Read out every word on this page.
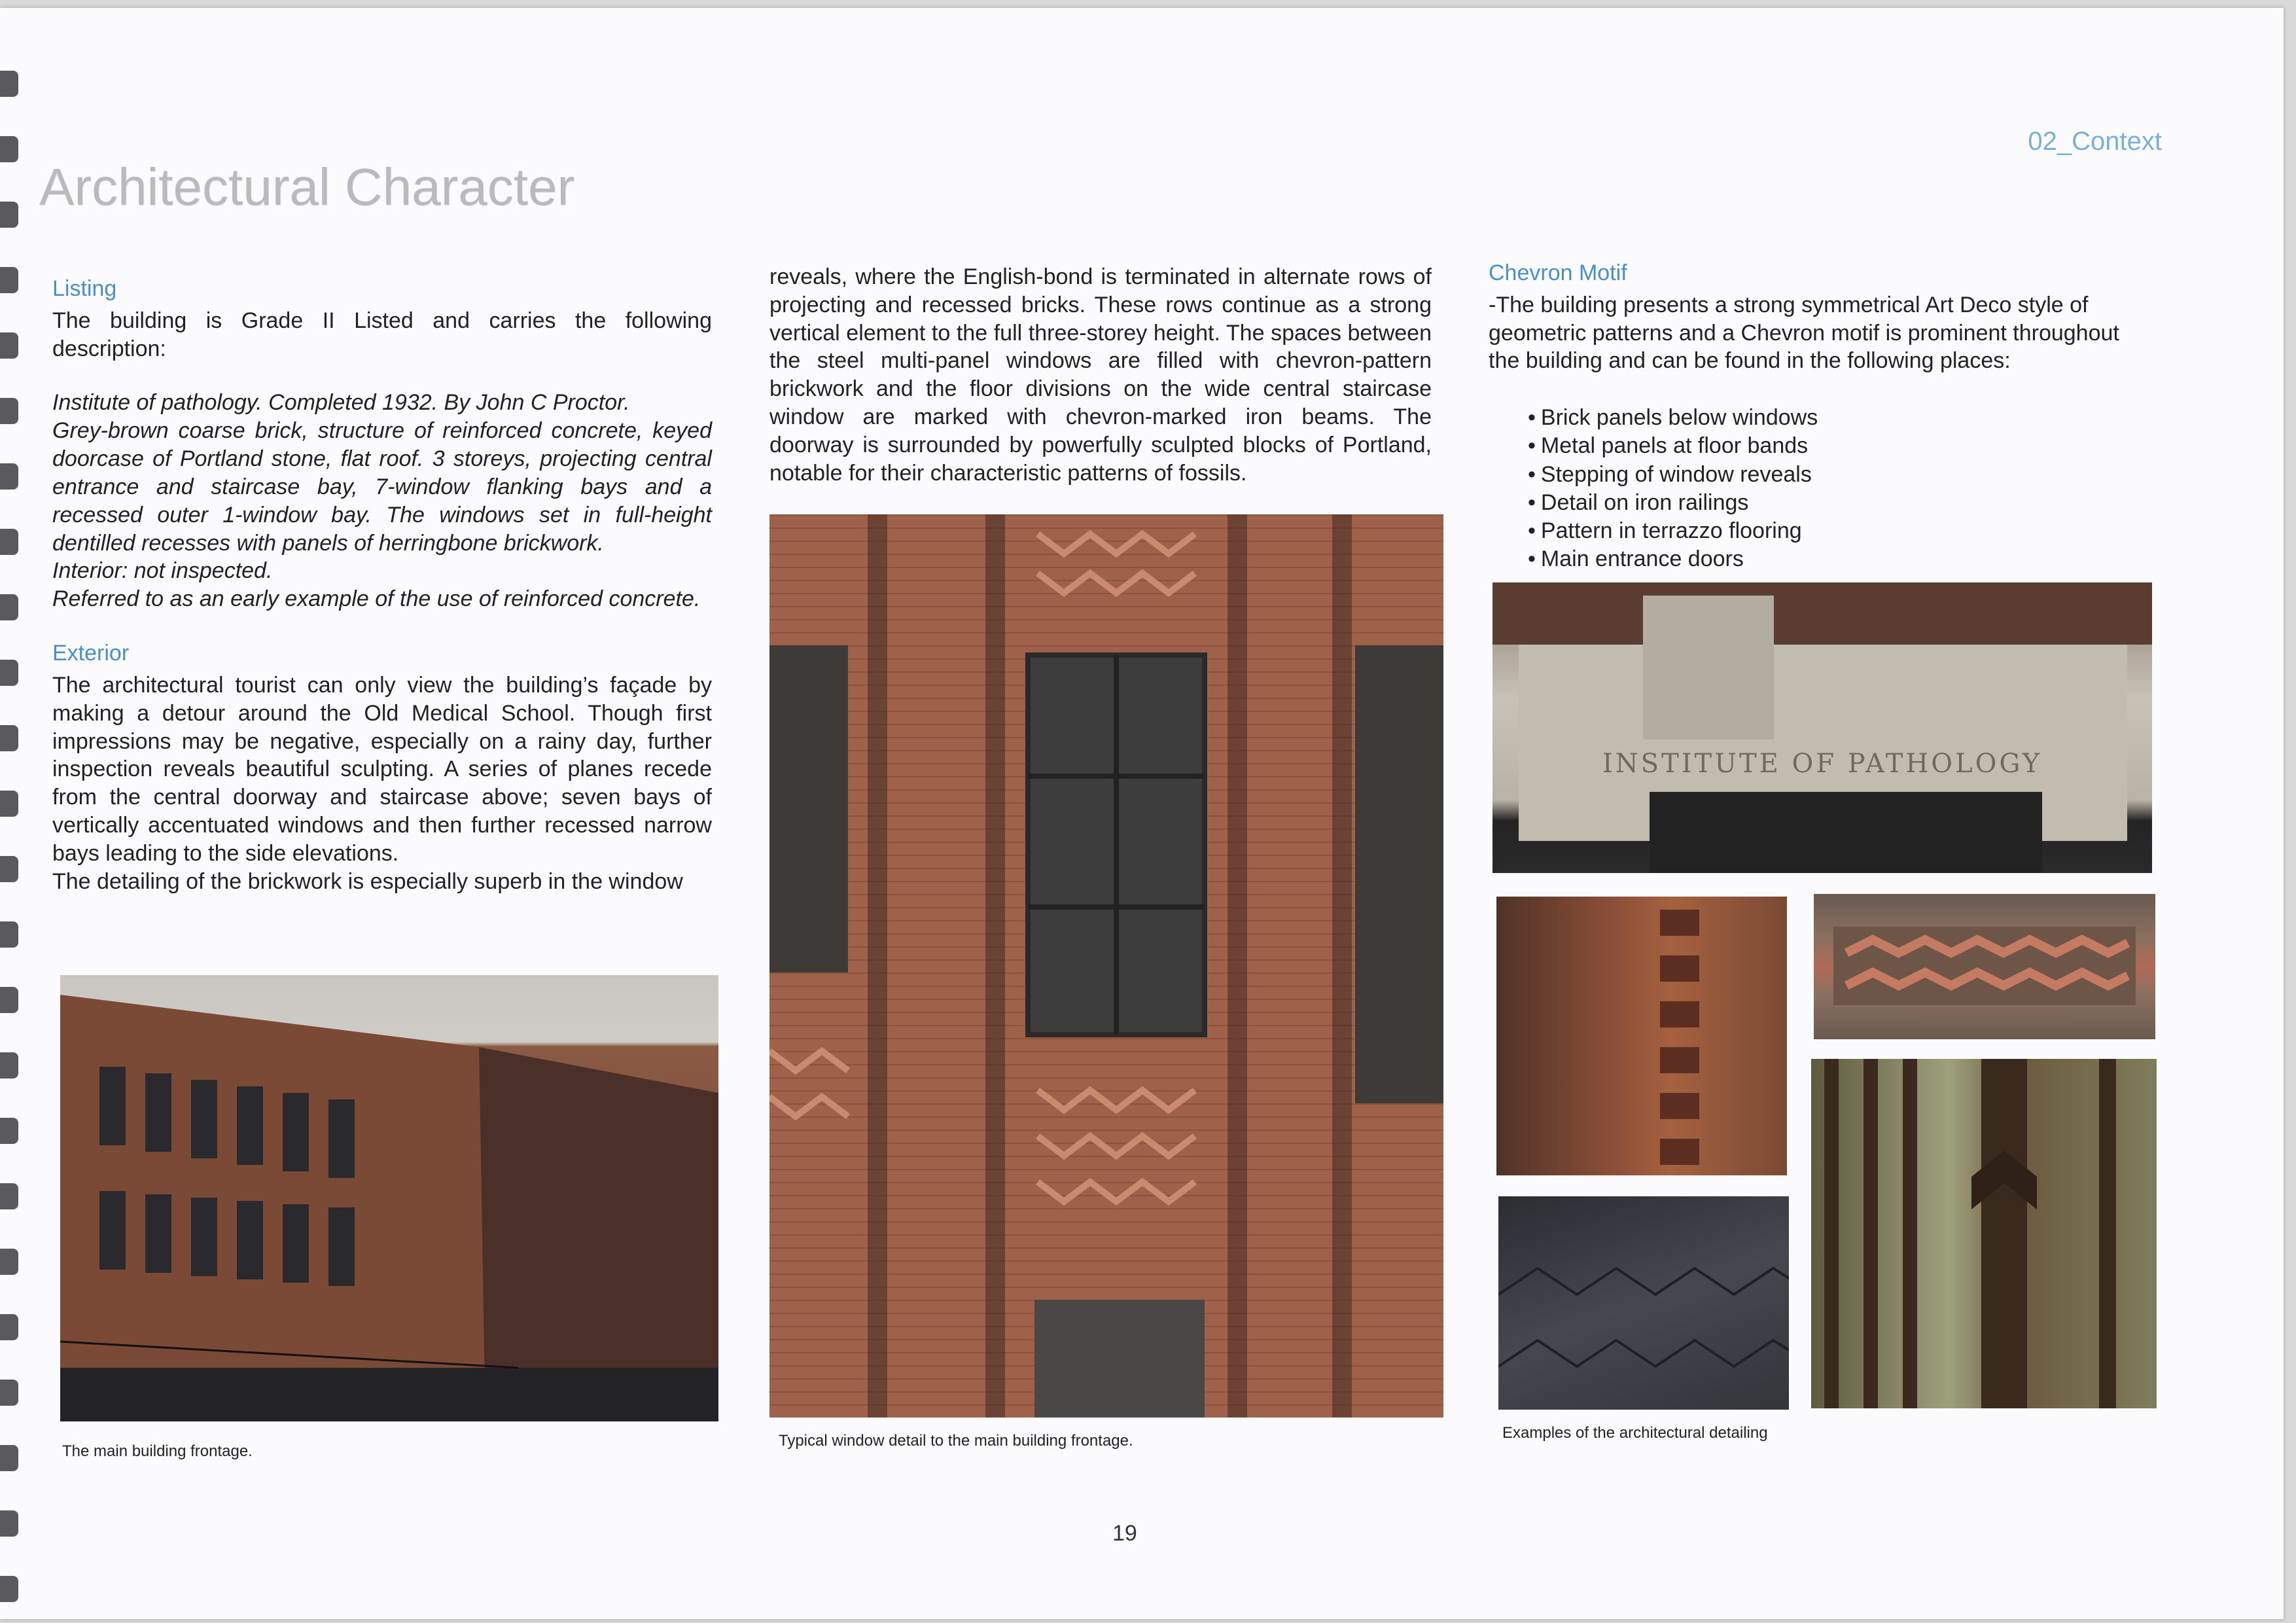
02_Context
Architectural Character
Listing

The building is Grade II Listed and carries the following description:

Institute of pathology. Completed 1932. By John C Proctor.

Grey-brown coarse brick, structure of reinforced concrete, keyed doorcase of Portland stone, flat roof. 3 storeys, projecting central entrance and staircase bay, 7-window flanking bays and a recessed outer 1-window bay. The windows set in full-height dentilled recesses with panels of herringbone brickwork.

Interior: not inspected.

Referred to as an early example of the use of reinforced concrete.

Exterior

The architectural tourist can only view the building’s façade by making a detour around the Old Medical School. Though first impressions may be negative, especially on a rainy day, further inspection reveals beautiful sculpting. A series of planes recede from the central doorway and staircase above; seven bays of vertically accentuated windows and then further recessed narrow bays leading to the side elevations.

The detailing of the brickwork is especially superb in the window

reveals, where the English-bond is terminated in alternate rows of projecting and recessed bricks. These rows continue as a strong vertical element to the full three-storey height. The spaces between the steel multi-panel windows are filled with chevron-pattern brickwork and the floor divisions on the wide central staircase window are marked with chevron-marked iron beams. The doorway is surrounded by powerfully sculpted blocks of Portland, notable for their characteristic patterns of fossils.

Chevron Motif

-The building presents a strong symmetrical Art Deco style of geometric patterns and a Chevron motif is prominent throughout the building and can be found in the following places:

• Brick panels below windows
• Metal panels at floor bands
• Stepping of window reveals
• Detail on iron railings
• Pattern in terrazzo flooring
• Main entrance doors
The main building frontage.
Typical window detail to the main building frontage.
INSTITUTE OF PATHOLOGY
Examples of the architectural detailing
19
